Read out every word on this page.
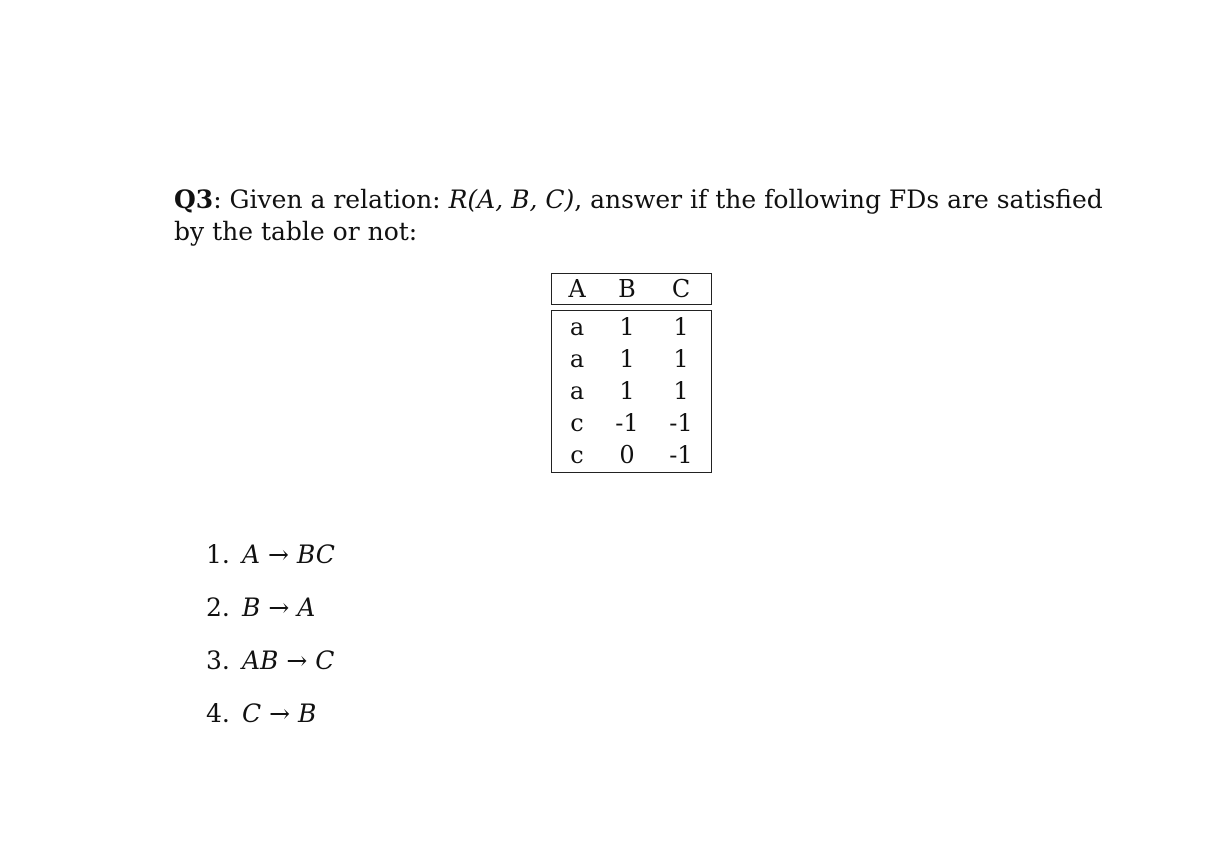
Q3: Given a relation: R(A, B, C), answer if the following FDs are satisfied by the table or not:
A	B	C
a	1	1
a	1	1
a	1	1
c	-1	-1
c	0	-1
1. A → BC
2. B → A
3. AB → C
4. C → B
